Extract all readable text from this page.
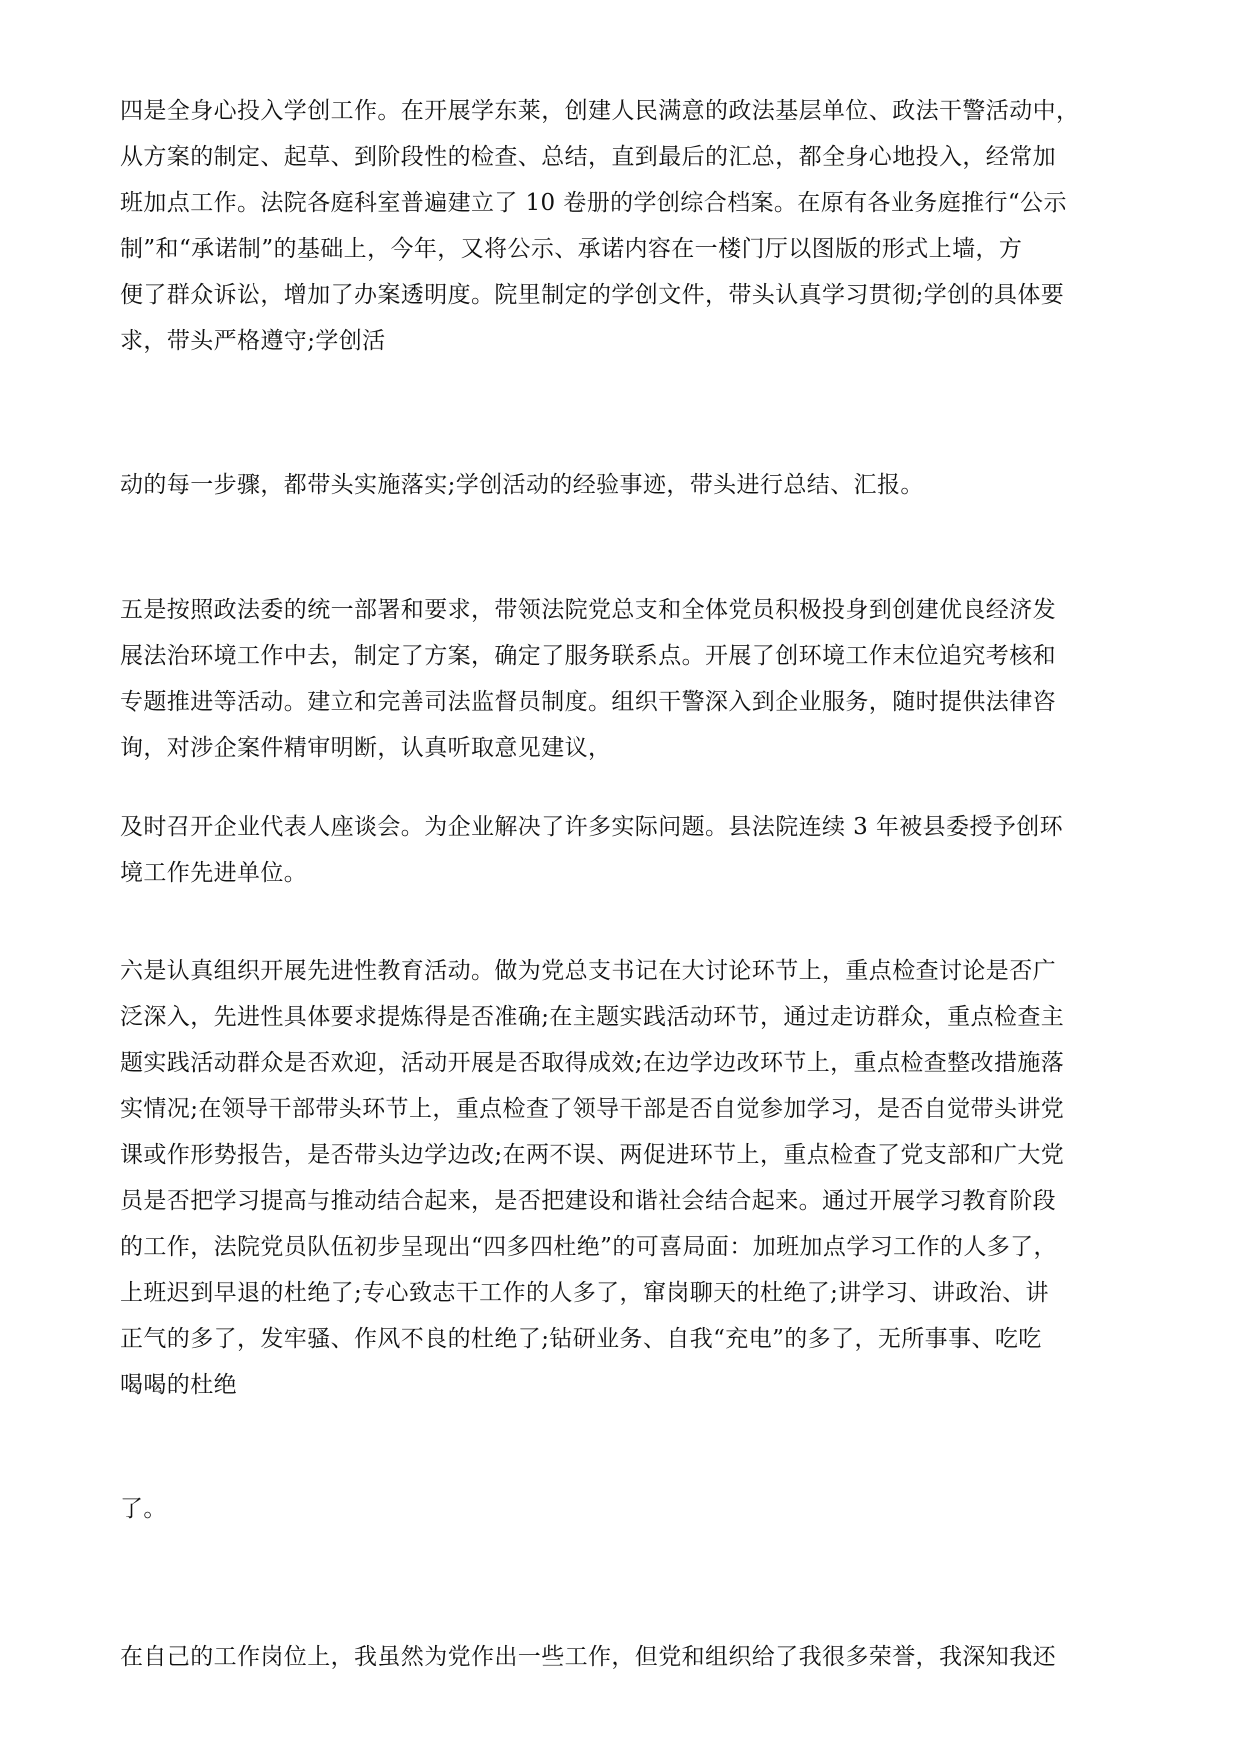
四是全身心投入学创工作。在开展学东莱，创建人民满意的政法基层单位、政法干警活动中，
从方案的制定、起草、到阶段性的检查、总结，直到最后的汇总，都全身心地投入，经常加
班加点工作。法院各庭科室普遍建立了 10 卷册的学创综合档案。在原有各业务庭推行“公示
制”和“承诺制”的基础上，今年，又将公示、承诺内容在一楼门厅以图版的形式上墙，方
便了群众诉讼，增加了办案透明度。院里制定的学创文件，带头认真学习贯彻;学创的具体要
求，带头严格遵守;学创活
动的每一步骤，都带头实施落实;学创活动的经验事迹，带头进行总结、汇报。
五是按照政法委的统一部署和要求，带领法院党总支和全体党员积极投身到创建优良经济发
展法治环境工作中去，制定了方案，确定了服务联系点。开展了创环境工作末位追究考核和
专题推进等活动。建立和完善司法监督员制度。组织干警深入到企业服务，随时提供法律咨
询，对涉企案件精审明断，认真听取意见建议，
及时召开企业代表人座谈会。为企业解决了许多实际问题。县法院连续 3 年被县委授予创环
境工作先进单位。
六是认真组织开展先进性教育活动。做为党总支书记在大讨论环节上，重点检查讨论是否广
泛深入，先进性具体要求提炼得是否准确;在主题实践活动环节，通过走访群众，重点检查主
题实践活动群众是否欢迎，活动开展是否取得成效;在边学边改环节上，重点检查整改措施落
实情况;在领导干部带头环节上，重点检查了领导干部是否自觉参加学习，是否自觉带头讲党
课或作形势报告，是否带头边学边改;在两不误、两促进环节上，重点检查了党支部和广大党
员是否把学习提高与推动结合起来，是否把建设和谐社会结合起来。通过开展学习教育阶段
的工作，法院党员队伍初步呈现出“四多四杜绝”的可喜局面：加班加点学习工作的人多了，
上班迟到早退的杜绝了;专心致志干工作的人多了，窜岗聊天的杜绝了;讲学习、讲政治、讲
正气的多了，发牢骚、作风不良的杜绝了;钻研业务、自我“充电”的多了，无所事事、吃吃
喝喝的杜绝
了。
在自己的工作岗位上，我虽然为党作出一些工作，但党和组织给了我很多荣誉，我深知我还
